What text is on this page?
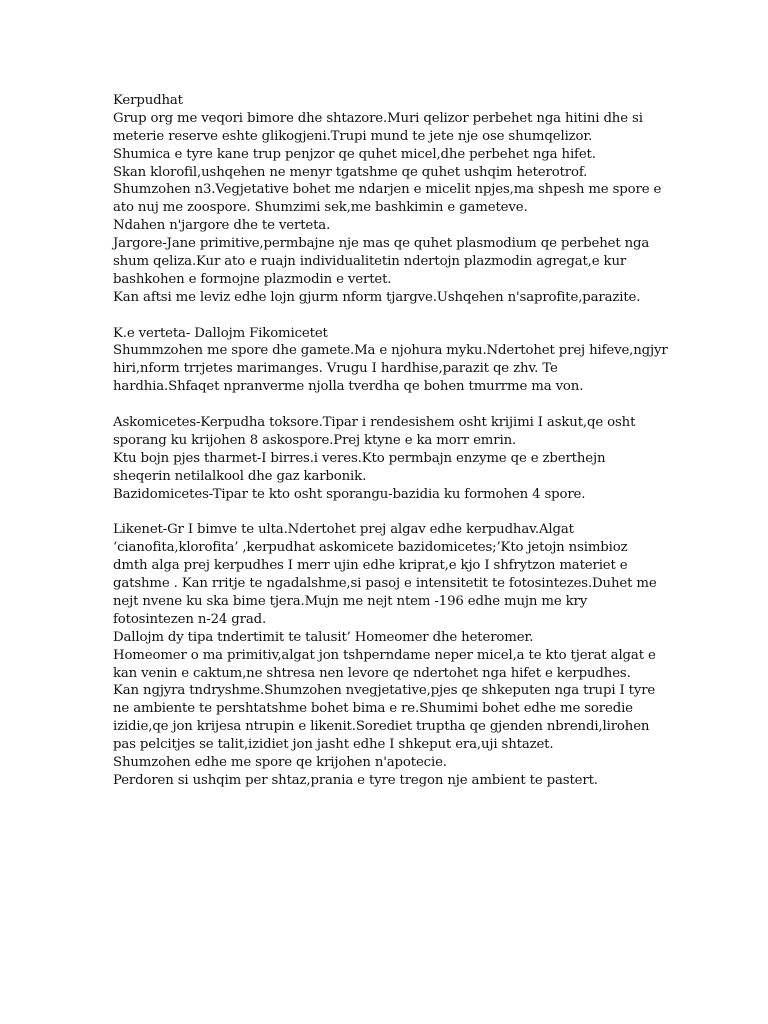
Kerpudhat
Grup org me veqori bimore dhe shtazore.Muri qelizor perbehet nga hitini dhe si
meterie reserve eshte glikogjeni.Trupi mund te jete nje ose shumqelizor.
Shumica e tyre kane trup penjzor qe quhet micel,dhe perbehet nga hifet.
Skan klorofil,ushqehen ne menyr tgatshme qe quhet ushqim heterotrof.
Shumzohen n3.Vegjetative bohet me ndarjen e micelit npjes,ma shpesh me spore e
ato nuj me zoospore. Shumzimi sek,me bashkimin e gameteve.
Ndahen n'jargore dhe te verteta.
Jargore-Jane primitive,permbajne nje mas qe quhet plasmodium qe perbehet nga
shum qeliza.Kur ato e ruajn individualitetin ndertojn plazmodin agregat,e kur
bashkohen e formojne plazmodin e vertet.
Kan aftsi me leviz edhe lojn gjurm nform tjargve.Ushqehen n'saprofite,parazite.
K.e verteta- Dallojm Fikomicetet
Shummzohen me spore dhe gamete.Ma e njohura myku.Ndertohet prej hifeve,ngjyr
hiri,nform trrjetes marimanges. Vrugu I hardhise,parazit qe zhv. Te
hardhia.Shfaqet npranverme njolla tverdha qe bohen tmurrme ma von.
Askomicetes-Kerpudha toksore.Tipar i rendesishem osht krijimi I askut,qe osht
sporang ku krijohen 8 askospore.Prej ktyne e ka morr emrin.
Ktu bojn pjes tharmet-I birres.i veres.Kto permbajn enzyme qe e zberthejn
sheqerin netilalkool dhe gaz karbonik.
Bazidomicetes-Tipar te kto osht sporangu-bazidia ku formohen 4 spore.
Likenet-Gr I bimve te ulta.Ndertohet prej algav edhe kerpudhav.Algat
‘cianofita,klorofita’ ,kerpudhat askomicete bazidomicetes;’Kto jetojn nsimbioz
dmth alga prej kerpudhes I merr ujin edhe kriprat,e kjo I shfrytzon materiet e
gatshme . Kan rritje te ngadalshme,si pasoj e intensitetit te fotosintezes.Duhet me
nejt nvene ku ska bime tjera.Mujn me nejt ntem -196 edhe mujn me kry
fotosintezen n-24 grad.
Dallojm dy tipa tndertimit te talusit’ Homeomer dhe heteromer.
Homeomer o ma primitiv,algat jon tshperndame neper micel,a te kto tjerat algat e
kan venin e caktum,ne shtresa nen levore qe ndertohet nga hifet e kerpudhes.
Kan ngjyra tndryshme.Shumzohen nvegjetative,pjes qe shkeputen nga trupi I tyre
ne ambiente te pershtatshme bohet bima e re.Shumimi bohet edhe me soredie
izidie,qe jon krijesa ntrupin e likenit.Sorediet truptha qe gjenden nbrendi,lirohen
pas pelcitjes se talit,izidiet jon jasht edhe I shkeput era,uji shtazet.
Shumzohen edhe me spore qe krijohen n'apotecie.
Perdoren si ushqim per shtaz,prania e tyre tregon nje ambient te pastert.
